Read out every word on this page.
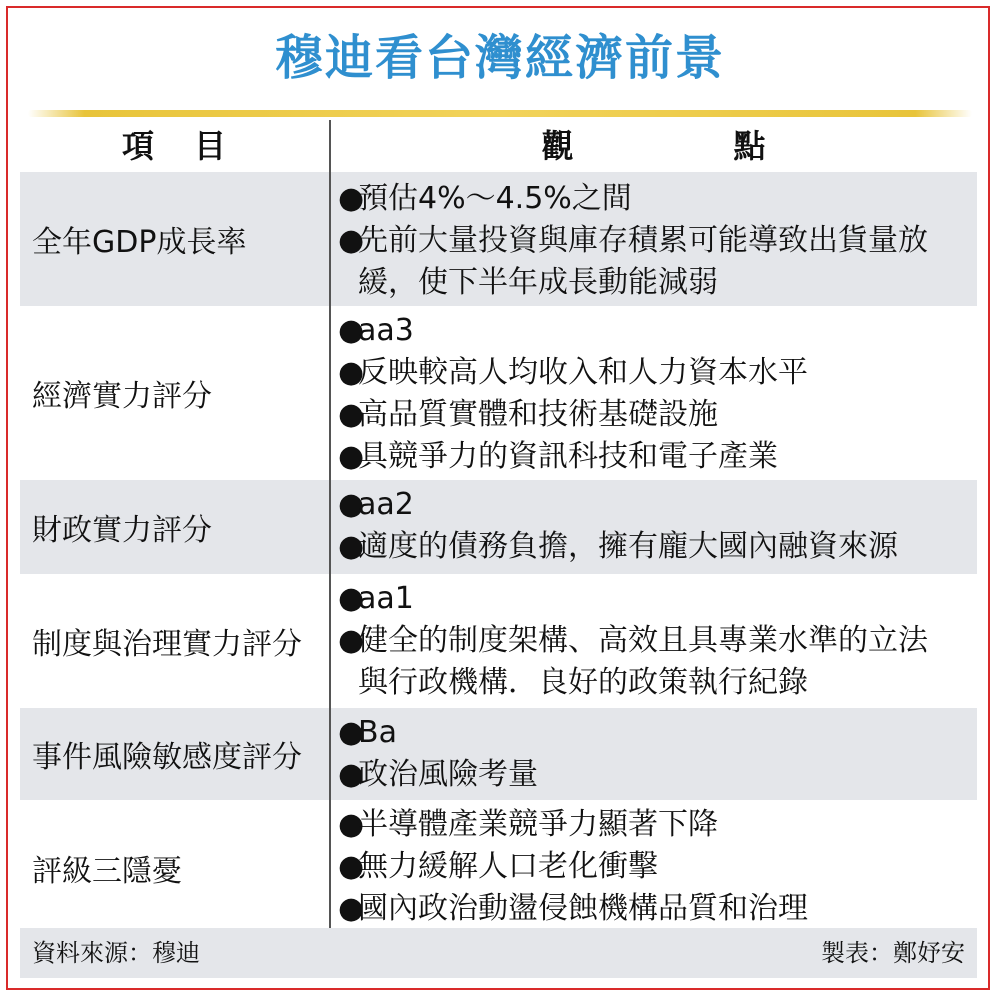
穆迪看台灣經濟前景
項目	觀點
全年GDP成長率
●預估4%～4.5%之間
●先前大量投資與庫存積累可能導致出貨量放
緩，使下半年成長動能減弱
經濟實力評分
●aa3
●反映較高人均收入和人力資本水平
●高品質實體和技術基礎設施
●具競爭力的資訊科技和電子產業
財政實力評分
●aa2
●適度的債務負擔，擁有龐大國內融資來源
制度與治理實力評分
●aa1
●健全的制度架構、高效且具專業水準的立法
與行政機構．良好的政策執行紀錄
事件風險敏感度評分
●Ba
●政治風險考量
評級三隱憂
●半導體產業競爭力顯著下降
●無力緩解人口老化衝擊
●國內政治動盪侵蝕機構品質和治理
資料來源：穆迪	製表：鄭妤安
